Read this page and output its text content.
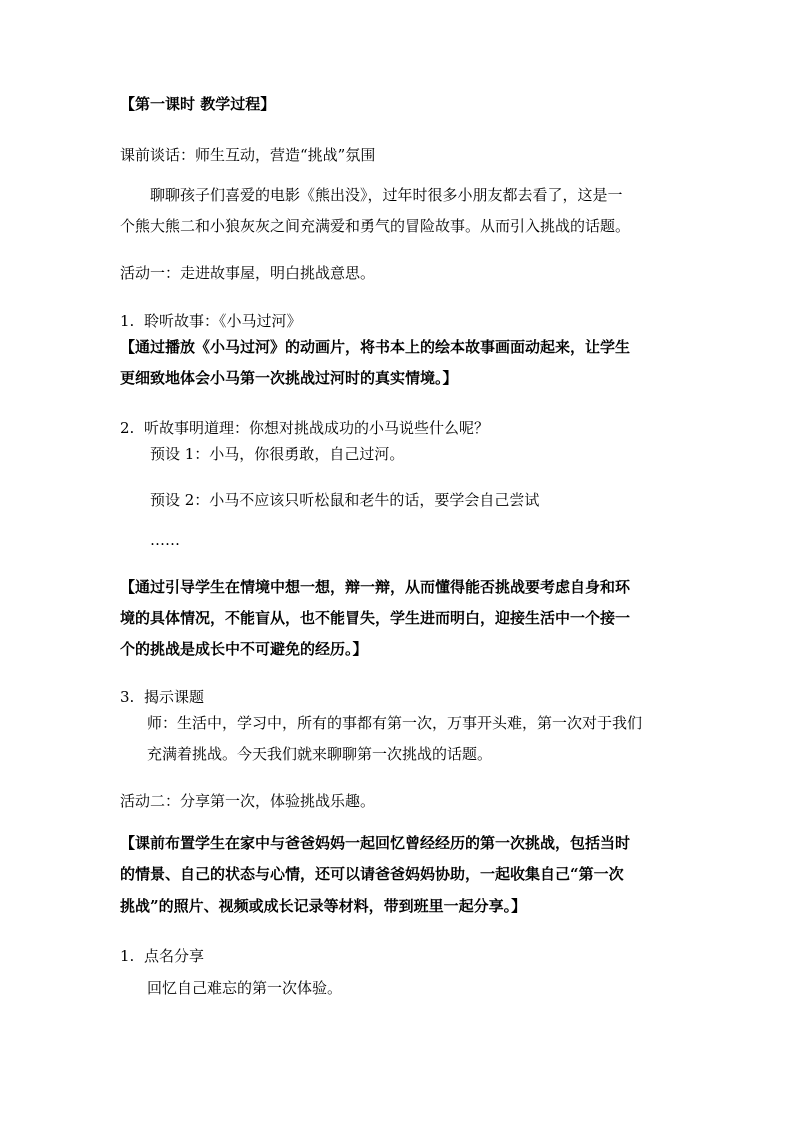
【第一课时 教学过程】
课前谈话：师生互动，营造“挑战”氛围
聊聊孩子们喜爱的电影《熊出没》，过年时很多小朋友都去看了，这是一
个熊大熊二和小狼灰灰之间充满爱和勇气的冒险故事。从而引入挑战的话题。
活动一：走进故事屋，明白挑战意思。
1. 聆听故事：《小马过河》
【通过播放《小马过河》的动画片，将书本上的绘本故事画面动起来，让学生
更细致地体会小马第一次挑战过河时的真实情境。】
2. 听故事明道理：你想对挑战成功的小马说些什么呢？
预设 1：小马，你很勇敢，自己过河。
预设 2：小马不应该只听松鼠和老牛的话，要学会自己尝试
……
【通过引导学生在情境中想一想，辩一辩，从而懂得能否挑战要考虑自身和环
境的具体情况，不能盲从，也不能冒失，学生进而明白，迎接生活中一个接一
个的挑战是成长中不可避免的经历。】
3. 揭示课题
师：生活中，学习中，所有的事都有第一次，万事开头难，第一次对于我们
充满着挑战。今天我们就来聊聊第一次挑战的话题。
活动二：分享第一次，体验挑战乐趣。
【课前布置学生在家中与爸爸妈妈一起回忆曾经经历的第一次挑战，包括当时
的情景、自己的状态与心情，还可以请爸爸妈妈协助，一起收集自己“第一次
挑战”的照片、视频或成长记录等材料，带到班里一起分享。】
1. 点名分享
回忆自己难忘的第一次体验。
